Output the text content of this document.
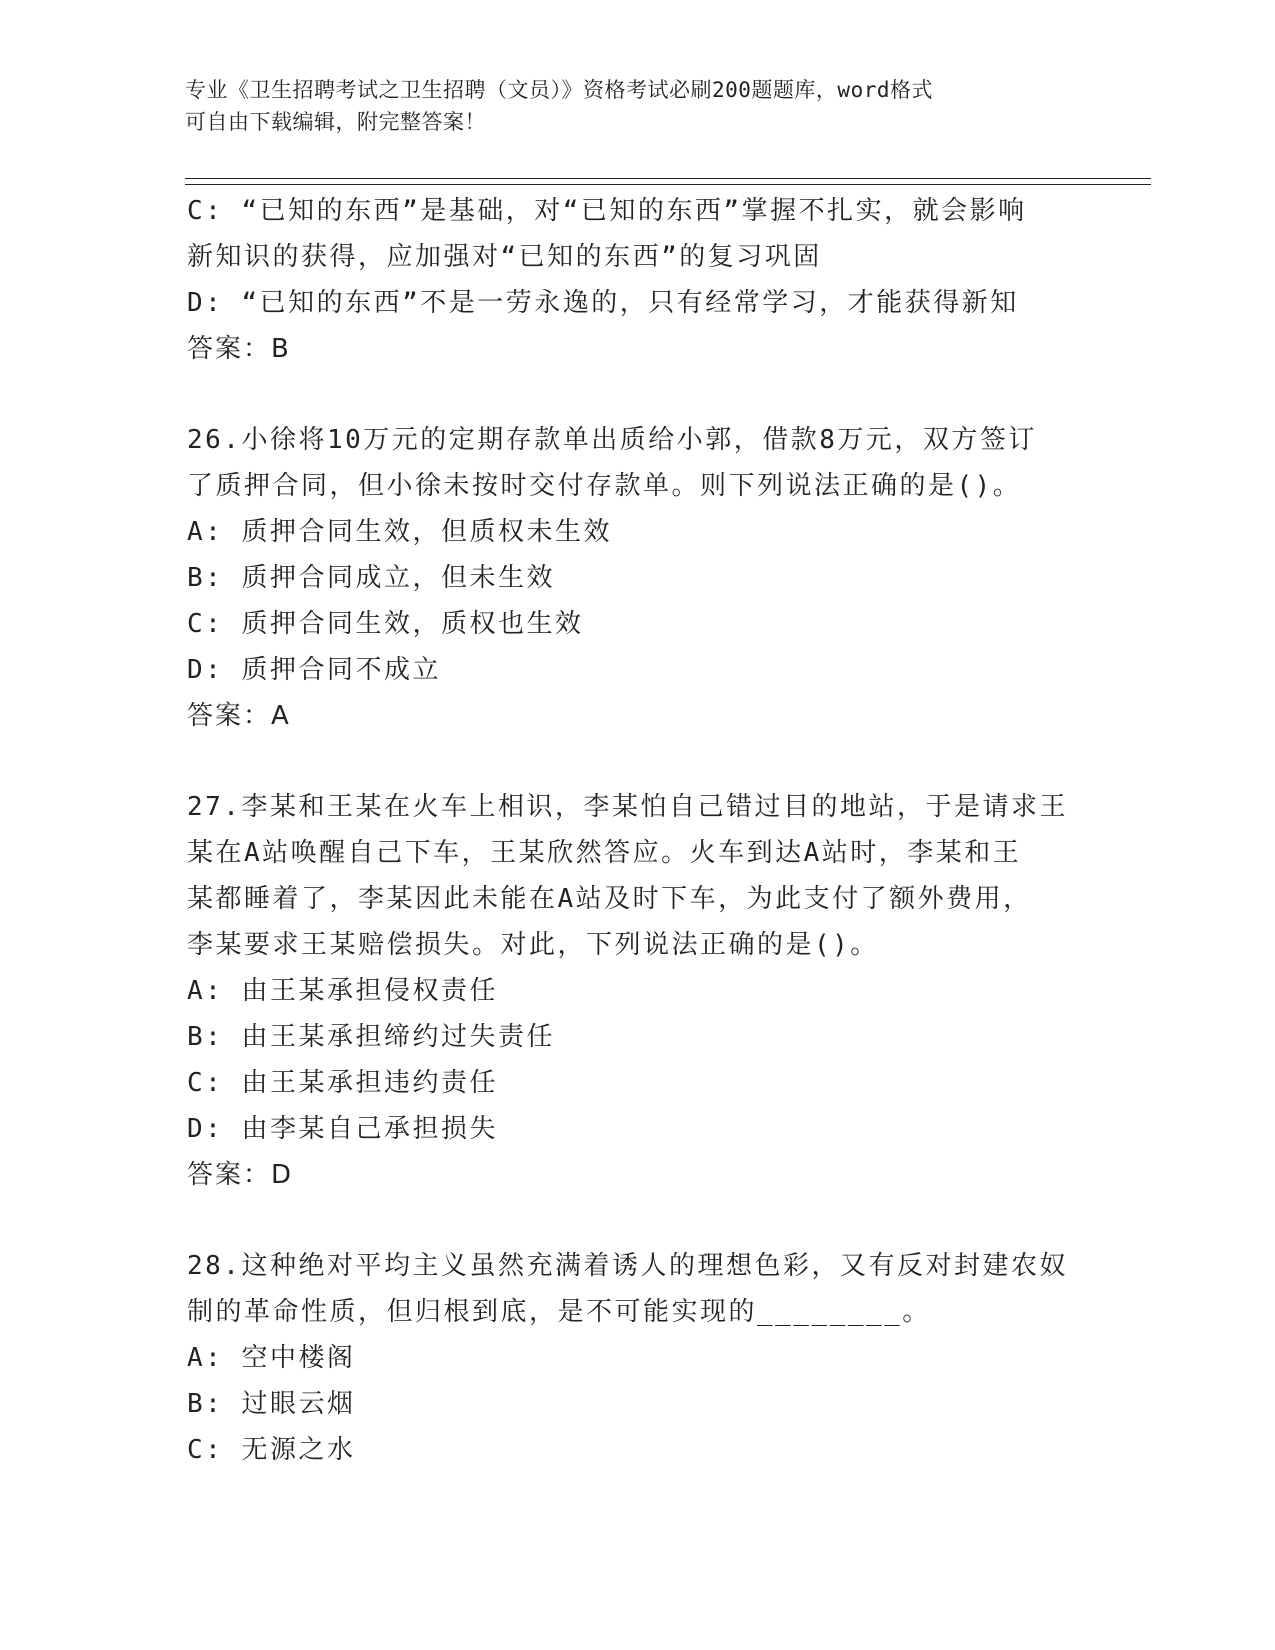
专业《卫生招聘考试之卫生招聘（文员）》资格考试必刷200题题库，word格式
可自由下载编辑，附完整答案！
C: “已知的东西”是基础，对“已知的东西”掌握不扎实，就会影响
新知识的获得，应加强对“已知的东西”的复习巩固
D: “已知的东西”不是一劳永逸的，只有经常学习，才能获得新知
答案：B
26.小徐将10万元的定期存款单出质给小郭，借款8万元，双方签订
了质押合同，但小徐未按时交付存款单。则下列说法正确的是()。
A: 质押合同生效，但质权未生效
B: 质押合同成立，但未生效
C: 质押合同生效，质权也生效
D: 质押合同不成立
答案：A
27.李某和王某在火车上相识，李某怕自己错过目的地站，于是请求王
某在A站唤醒自己下车，王某欣然答应。火车到达A站时，李某和王
某都睡着了，李某因此未能在A站及时下车，为此支付了额外费用，
李某要求王某赔偿损失。对此，下列说法正确的是()。
A: 由王某承担侵权责任
B: 由王某承担缔约过失责任
C: 由王某承担违约责任
D: 由李某自己承担损失
答案：D
28.这种绝对平均主义虽然充满着诱人的理想色彩，又有反对封建农奴
制的革命性质，但归根到底，是不可能实现的________。
A: 空中楼阁
B: 过眼云烟
C: 无源之水
